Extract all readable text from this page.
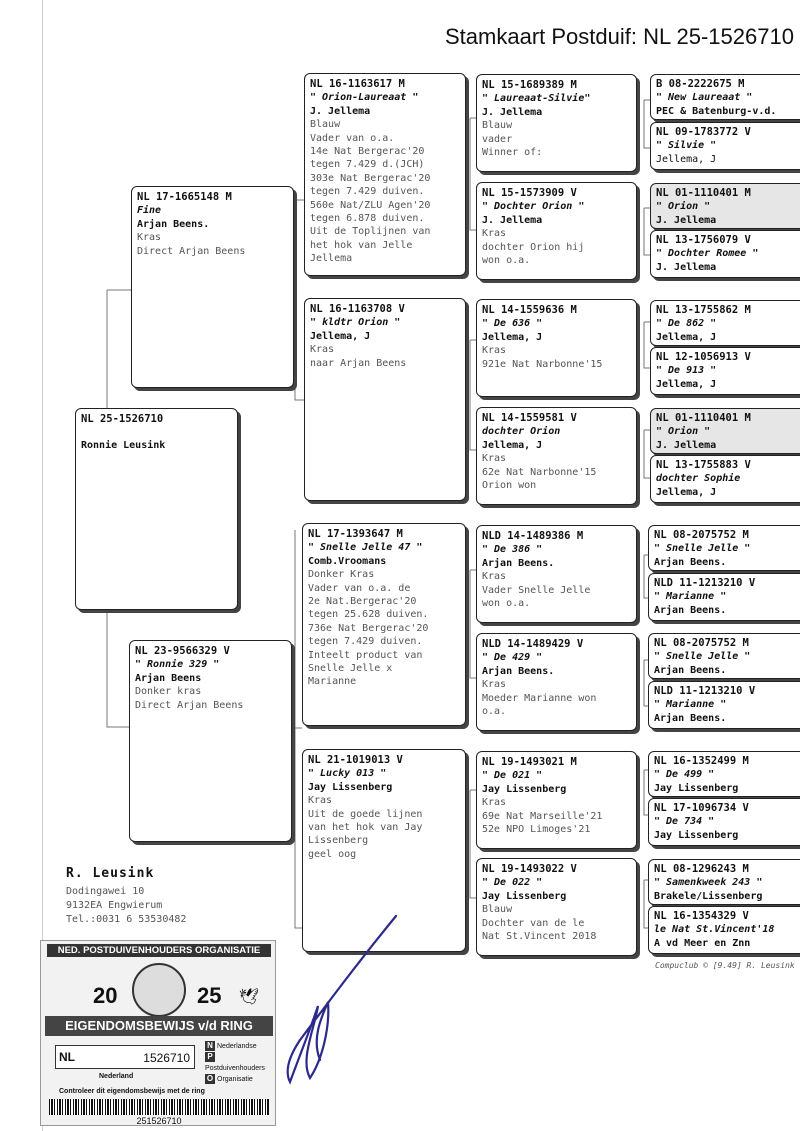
Stamkaart Postduif: NL 25-1526710
NL 25-1526710
Ronnie Leusink
NL 17-1665148 M
Fine
Arjan Beens.
Kras
Direct Arjan Beens
NL 23-9566329 V
" Ronnie 329 "
Arjan Beens
Donker kras
Direct Arjan Beens
NL 16-1163617 M
" Orion-Laureaat "
J. Jellema
Blauw
Vader van o.a.
14e Nat Bergerac'20
tegen 7.429 d.(JCH)
303e Nat Bergerac'20
tegen 7.429 duiven.
560e Nat/ZLU Agen'20
tegen 6.878 duiven.
Uit de Toplijnen van
het hok van Jelle
Jellema
NL 16-1163708 V
" kldtr Orion "
Jellema, J
Kras
naar Arjan Beens
NL 17-1393647 M
" Snelle Jelle 47 "
Comb.Vroomans
Donker Kras
Vader van o.a. de
2e Nat.Bergerac'20
tegen 25.628 duiven.
736e Nat Bergerac'20
tegen 7.429 duiven.
Inteelt product van
Snelle Jelle x
Marianne
NL 21-1019013 V
" Lucky 013 "
Jay Lissenberg
Kras
Uit de goede lijnen
van het hok van Jay
Lissenberg
geel oog
NL 15-1689389 M
" Laureaat-Silvie"
J. Jellema
Blauw
vader
Winner of:
NL 15-1573909 V
" Dochter Orion "
J. Jellema
Kras
dochter Orion hij
won o.a.
NL 14-1559636 M
" De 636 "
Jellema, J
Kras
921e Nat Narbonne'15
NL 14-1559581 V
dochter Orion
Jellema, J
Kras
62e Nat Narbonne'15
Orion won
NLD 14-1489386 M
" De 386 "
Arjan Beens.
Kras
Vader Snelle Jelle
won o.a.
NLD 14-1489429 V
" De 429 "
Arjan Beens.
Kras
Moeder Marianne won
o.a.
NL 19-1493021 M
" De 021 "
Jay Lissenberg
Kras
69e Nat Marseille'21
52e NPO Limoges'21
NL 19-1493022 V
" De 022 "
Jay Lissenberg
Blauw
Dochter van de le
Nat St.Vincent 2018
B 08-2222675 M
" New Laureaat "
PEC & Batenburg-v.d.
NL 09-1783772 V
" Silvie "
Jellema, J
NL 01-1110401 M
" Orion "
J. Jellema
NL 13-1756079 V
" Dochter Romee "
J. Jellema
NL 13-1755862 M
" De 862 "
Jellema, J
NL 12-1056913 V
" De 913 "
Jellema, J
NL 01-1110401 M
" Orion "
J. Jellema
NL 13-1755883 V
dochter Sophie
Jellema, J
NL 08-2075752 M
" Snelle Jelle "
Arjan Beens.
NLD 11-1213210 V
" Marianne "
Arjan Beens.
NL 08-2075752 M
" Snelle Jelle "
Arjan Beens.
NLD 11-1213210 V
" Marianne "
Arjan Beens.
NL 16-1352499 M
" De 499 "
Jay Lissenberg
NL 17-1096734 V
" De 734 "
Jay Lissenberg
NL 08-1296243 M
" Samenkweek 243 "
Brakele/Lissenberg
NL 16-1354329 V
le Nat St.Vincent'18
A vd Meer en Znn
R. Leusink
Dodingawei 10
9132EA Engwierum
Tel.:0031 6 53530482
Compuclub © [9.49] R. Leusink
NED. POSTDUIVENHOUDERS ORGANISATIE
20	25 🕊
EIGENDOMSBEWIJS v/d RING
NL	1526710
N Nederlandse
PPostduivenhouders
O Organisatie
Nederland
Controleer dit eigendomsbewijs met de ring
251526710
